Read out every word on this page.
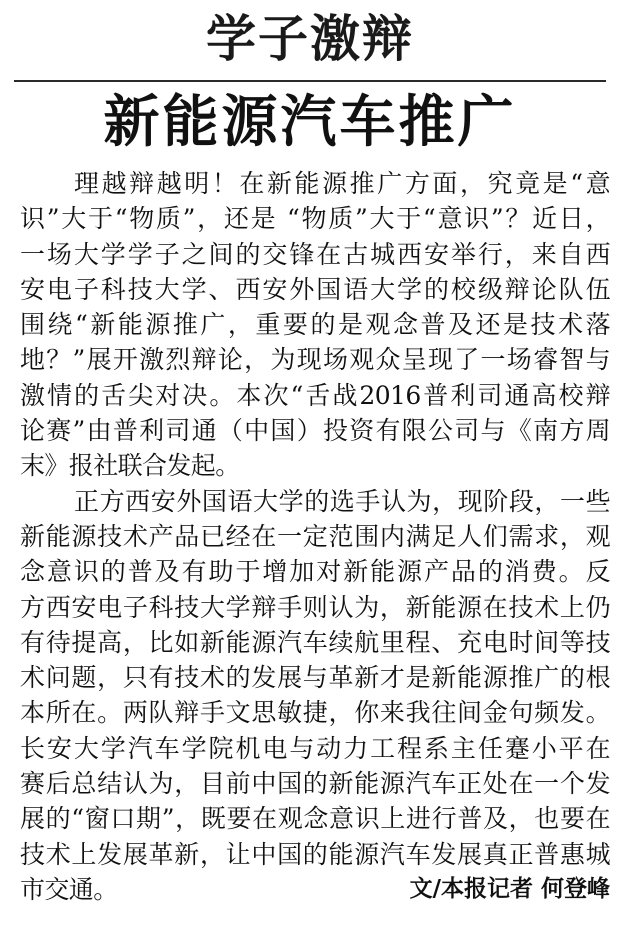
学子激辩
新能源汽车推广
理越辩越明！在新能源推广方面，究竟是“意
识”大于“物质”，还是 “物质”大于“意识”？近日，
一场大学学子之间的交锋在古城西安举行，来自西
安电子科技大学、西安外国语大学的校级辩论队伍
围绕“新能源推广，重要的是观念普及还是技术落
地？”展开激烈辩论，为现场观众呈现了一场睿智与
激情的舌尖对决。本次“舌战2016普利司通高校辩
论赛”由普利司通（中国）投资有限公司与《南方周
末》报社联合发起。
正方西安外国语大学的选手认为，现阶段，一些
新能源技术产品已经在一定范围内满足人们需求，观
念意识的普及有助于增加对新能源产品的消费。反
方西安电子科技大学辩手则认为，新能源在技术上仍
有待提高，比如新能源汽车续航里程、充电时间等技
术问题，只有技术的发展与革新才是新能源推广的根
本所在。两队辩手文思敏捷，你来我往间金句频发。
长安大学汽车学院机电与动力工程系主任蹇小平在
赛后总结认为，目前中国的新能源汽车正处在一个发
展的“窗口期”，既要在观念意识上进行普及，也要在
技术上发展革新，让中国的能源汽车发展真正普惠城
市交通。	文/本报记者 何登峰
